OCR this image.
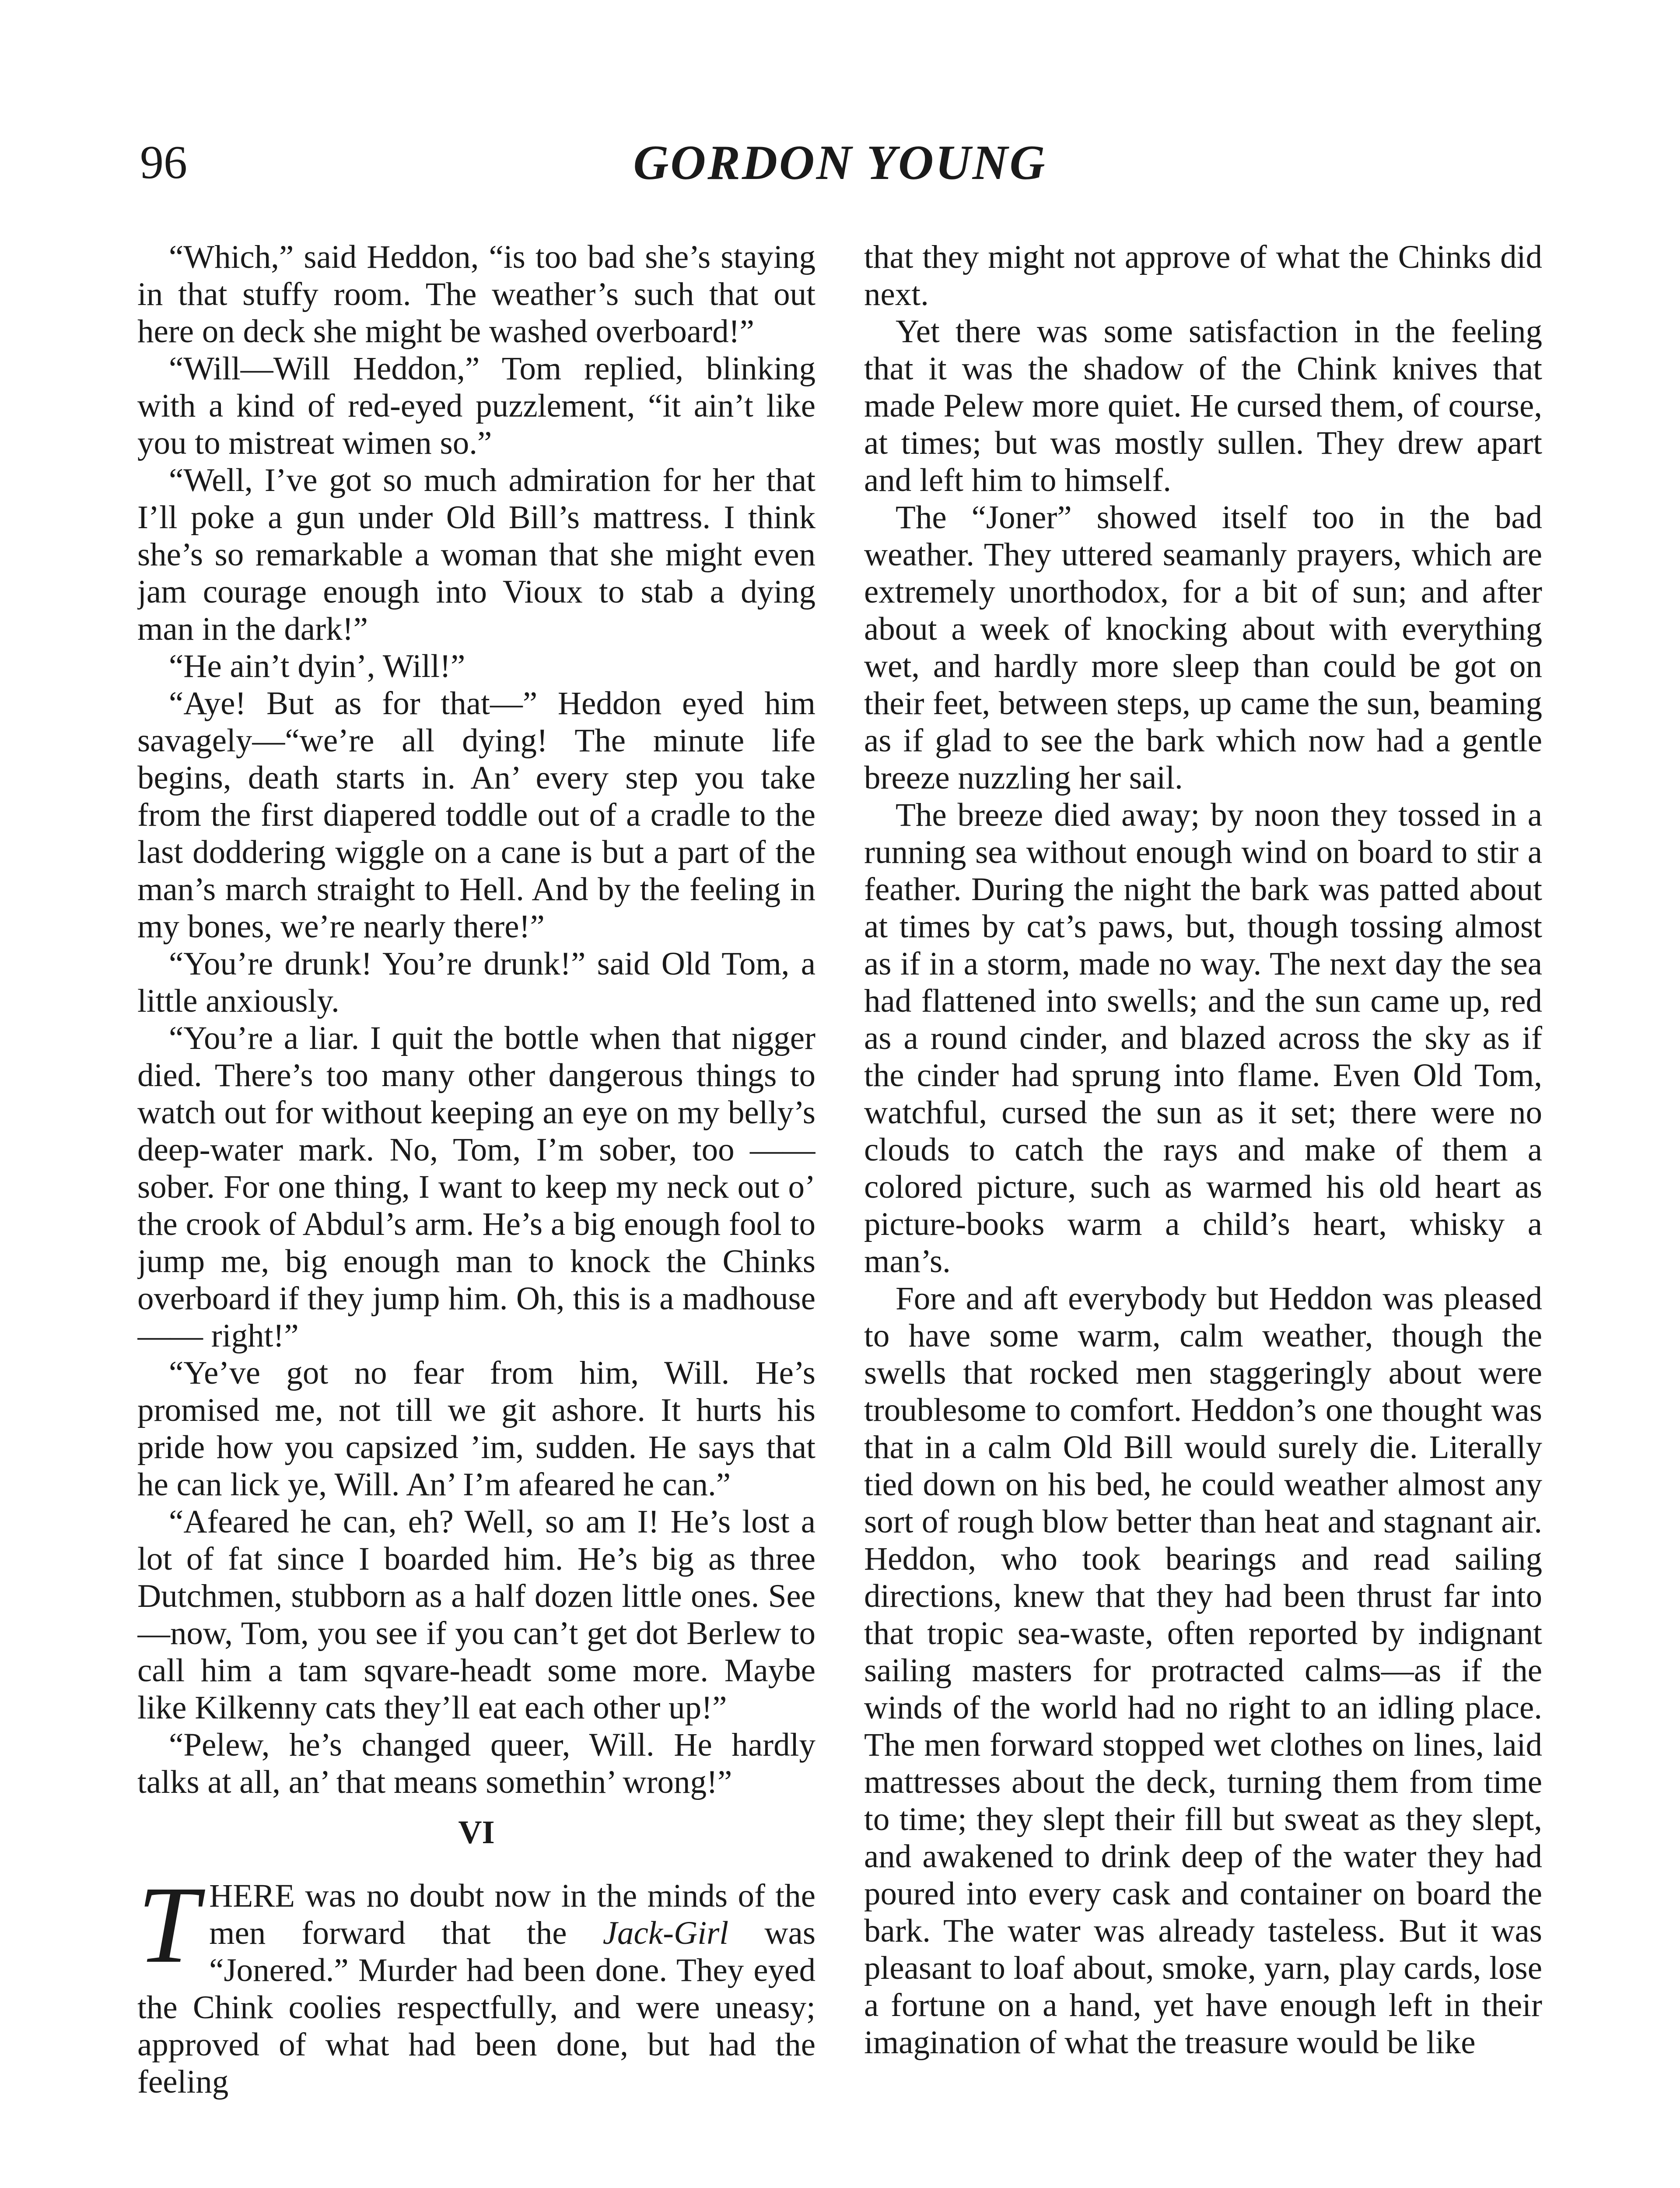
96	GORDON YOUNG

“Which,” said Heddon, “is too bad she’s staying in that stuffy room. The weather’s such that out here on deck she might be washed overboard!”

“Will—Will Heddon,” Tom replied, blinking with a kind of red-eyed puzzlement, “it ain’t like you to mistreat wimen so.”

“Well, I’ve got so much admiration for her that I’ll poke a gun under Old Bill’s mattress. I think she’s so remarkable a woman that she might even jam courage enough into Vioux to stab a dying man in the dark!”

“He ain’t dyin’, Will!”

“Aye! But as for that—” Heddon eyed him savagely—“we’re all dying! The minute life begins, death starts in. An’ every step you take from the first diapered toddle out of a cradle to the last doddering wiggle on a cane is but a part of the man’s march straight to Hell. And by the feeling in my bones, we’re nearly there!”

“You’re drunk! You’re drunk!” said Old Tom, a little anxiously.

“You’re a liar. I quit the bottle when that nigger died. There’s too many other dangerous things to watch out for without keeping an eye on my belly’s deep-water mark. No, Tom, I’m sober, too —— sober. For one thing, I want to keep my neck out o’ the crook of Abdul’s arm. He’s a big enough fool to jump me, big enough man to knock the Chinks overboard if they jump him. Oh, this is a madhouse —— right!”

“Ye’ve got no fear from him, Will. He’s promised me, not till we git ashore. It hurts his pride how you capsized ’im, sudden. He says that he can lick ye, Will. An’ I’m afeared he can.”

“Afeared he can, eh? Well, so am I! He’s lost a lot of fat since I boarded him. He’s big as three Dutchmen, stubborn as a half dozen little ones. See—now, Tom, you see if you can’t get dot Berlew to call him a tam sqvare-headt some more. Maybe like Kilkenny cats they’ll eat each other up!”

“Pelew, he’s changed queer, Will. He hardly talks at all, an’ that means somethin’ wrong!”

VI

THERE was no doubt now in the minds of the men forward that the Jack-Girl was “Jonered.” Murder had been done. They eyed the Chink coolies respectfully, and were uneasy; approved of what had been done, but had the feeling

that they might not approve of what the Chinks did next.

Yet there was some satisfaction in the feeling that it was the shadow of the Chink knives that made Pelew more quiet. He cursed them, of course, at times; but was mostly sullen. They drew apart and left him to himself.

The “Joner” showed itself too in the bad weather. They uttered seamanly prayers, which are extremely unorthodox, for a bit of sun; and after about a week of knocking about with everything wet, and hardly more sleep than could be got on their feet, between steps, up came the sun, beaming as if glad to see the bark which now had a gentle breeze nuzzling her sail.

The breeze died away; by noon they tossed in a running sea without enough wind on board to stir a feather. During the night the bark was patted about at times by cat’s paws, but, though tossing almost as if in a storm, made no way. The next day the sea had flattened into swells; and the sun came up, red as a round cinder, and blazed across the sky as if the cinder had sprung into flame. Even Old Tom, watchful, cursed the sun as it set; there were no clouds to catch the rays and make of them a colored picture, such as warmed his old heart as picture-books warm a child’s heart, whisky a man’s.

Fore and aft everybody but Heddon was pleased to have some warm, calm weather, though the swells that rocked men staggeringly about were troublesome to comfort. Heddon’s one thought was that in a calm Old Bill would surely die. Literally tied down on his bed, he could weather almost any sort of rough blow better than heat and stagnant air. Heddon, who took bearings and read sailing directions, knew that they had been thrust far into that tropic sea-waste, often reported by indignant sailing masters for protracted calms—as if the winds of the world had no right to an idling place. The men forward stopped wet clothes on lines, laid mattresses about the deck, turning them from time to time; they slept their fill but sweat as they slept, and awakened to drink deep of the water they had poured into every cask and container on board the bark. The water was already tasteless. But it was pleasant to loaf about, smoke, yarn, play cards, lose a fortune on a hand, yet have enough left in their imagination of what the treasure would be like
